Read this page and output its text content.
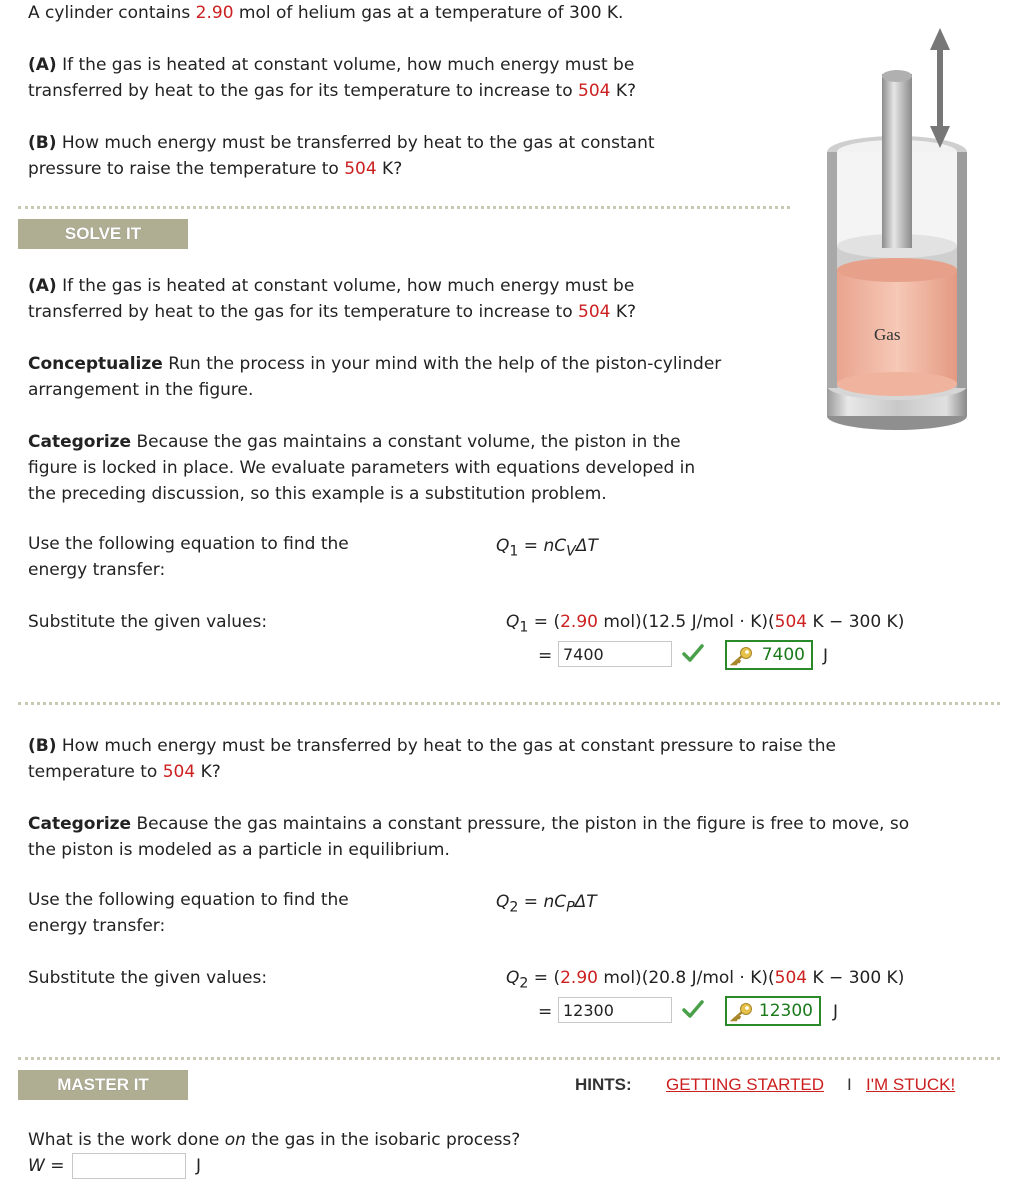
A cylinder contains 2.90 mol of helium gas at a temperature of 300 K.
(A) If the gas is heated at constant volume, how much energy must be
transferred by heat to the gas for its temperature to increase to 504 K?
(B) How much energy must be transferred by heat to the gas at constant
pressure to raise the temperature to 504 K?
Gas
SOLVE IT
(A) If the gas is heated at constant volume, how much energy must be
transferred by heat to the gas for its temperature to increase to 504 K?
Conceptualize Run the process in your mind with the help of the piston-cylinder
arrangement in the figure.
Categorize Because the gas maintains a constant volume, the piston in the
figure is locked in place. We evaluate parameters with equations developed in
the preceding discussion, so this example is a substitution problem.
Use the following equation to find the
energy transfer:
$Q_1 = nC_V\Delta T$
Substitute the given values:	$Q_1 = (2.90$ mol)(12.5 J/mol · K)(504 K − 300 K)
= 7400	7400	J
(B) How much energy must be transferred by heat to the gas at constant pressure to raise the
temperature to 504 K?
Categorize Because the gas maintains a constant pressure, the piston in the figure is free to move, so
the piston is modeled as a particle in equilibrium.
Use the following equation to find the
energy transfer:
$Q_2 = nC_P\Delta T$
Substitute the given values:	$Q_2 = (2.90$ mol)(20.8 J/mol · K)(504 K − 300 K)
= 12300	12300	J
MASTER IT	HINTS: GETTING STARTED I I'M STUCK!
What is the work done on the gas in the isobaric process?
W =	J
